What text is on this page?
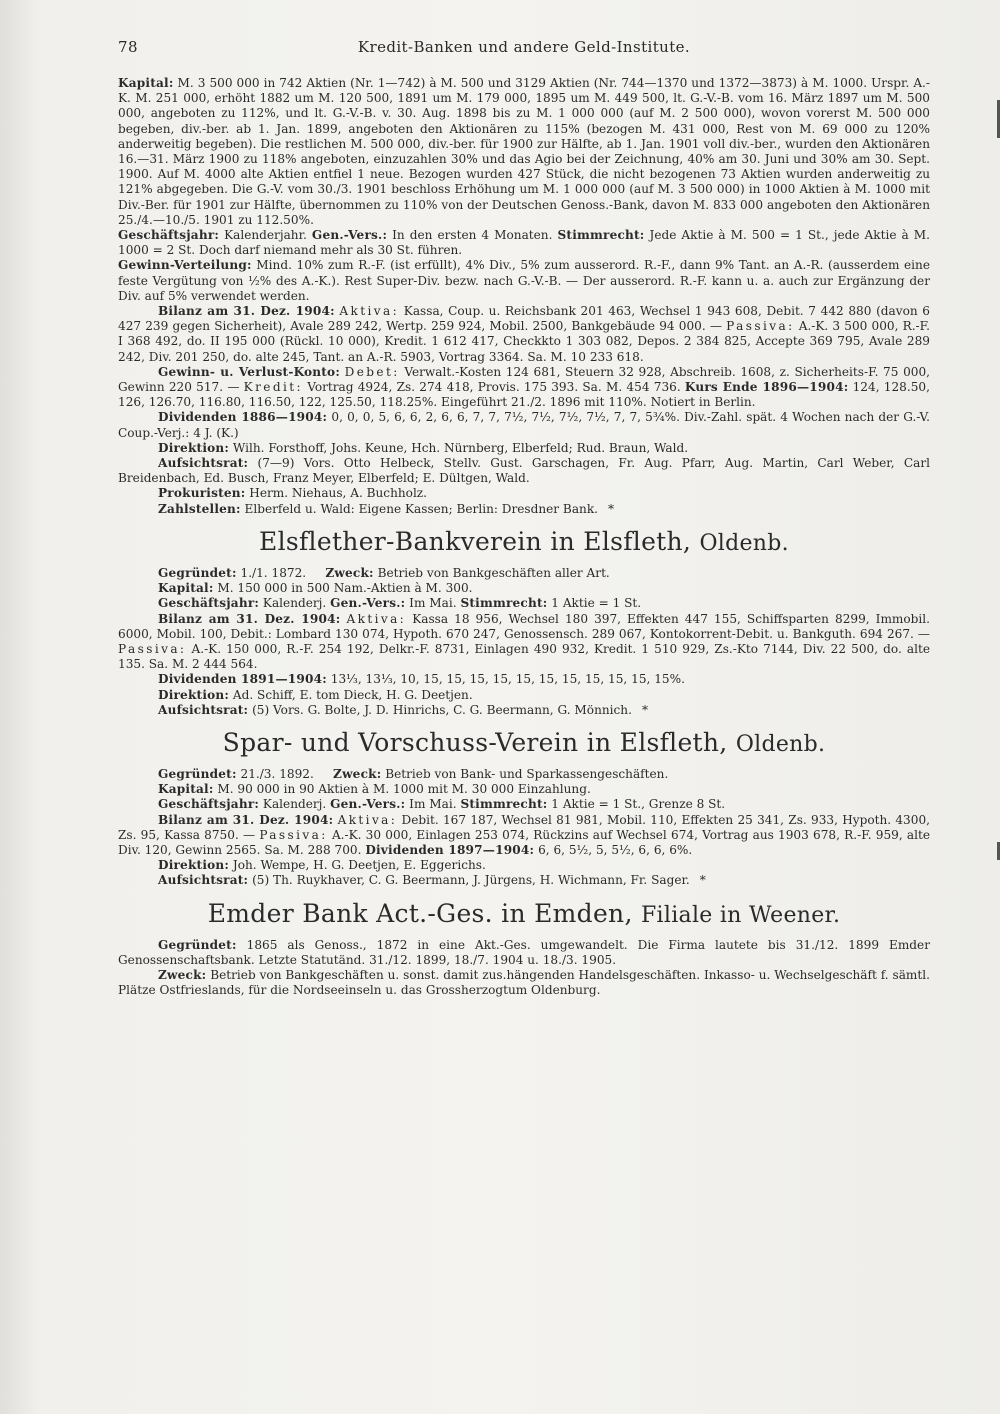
78	Kredit-Banken und andere Geld-Institute.

Kapital: M. 3 500 000 in 742 Aktien (Nr. 1—742) à M. 500 und 3129 Aktien (Nr. 744—1370 und 1372—3873) à M. 1000. Urspr. A.-K. M. 251 000, erhöht 1882 um M. 120 500, 1891 um M. 179 000, 1895 um M. 449 500, lt. G.-V.-B. vom 16. März 1897 um M. 500 000, angeboten zu 112%, und lt. G.-V.-B. v. 30. Aug. 1898 bis zu M. 1 000 000 (auf M. 2 500 000), wovon vorerst M. 500 000 begeben, div.-ber. ab 1. Jan. 1899, angeboten den Aktionären zu 115% (bezogen M. 431 000, Rest von M. 69 000 zu 120% anderweitig begeben). Die restlichen M. 500 000, div.-ber. für 1900 zur Hälfte, ab 1. Jan. 1901 voll div.-ber., wurden den Aktionären 16.—31. März 1900 zu 118% angeboten, einzuzahlen 30% und das Agio bei der Zeichnung, 40% am 30. Juni und 30% am 30. Sept. 1900. Auf M. 4000 alte Aktien entfiel 1 neue. Bezogen wurden 427 Stück, die nicht bezogenen 73 Aktien wurden anderweitig zu 121% abgegeben. Die G.-V. vom 30./3. 1901 beschloss Erhöhung um M. 1 000 000 (auf M. 3 500 000) in 1000 Aktien à M. 1000 mit Div.-Ber. für 1901 zur Hälfte, übernommen zu 110% von der Deutschen Genoss.-Bank, davon M. 833 000 angeboten den Aktionären 25./4.—10./5. 1901 zu 112.50%.

Geschäftsjahr: Kalenderjahr. Gen.-Vers.: In den ersten 4 Monaten. Stimmrecht: Jede Aktie à M. 500 = 1 St., jede Aktie à M. 1000 = 2 St. Doch darf niemand mehr als 30 St. führen.

Gewinn-Verteilung: Mind. 10% zum R.-F. (ist erfüllt), 4% Div., 5% zum ausserord. R.-F., dann 9% Tant. an A.-R. (ausserdem eine feste Vergütung von ½% des A.-K.). Rest Super-Div. bezw. nach G.-V.-B. — Der ausserord. R.-F. kann u. a. auch zur Ergänzung der Div. auf 5% verwendet werden.

Bilanz am 31. Dez. 1904: Aktiva: Kassa, Coup. u. Reichsbank 201 463, Wechsel 1 943 608, Debit. 7 442 880 (davon 6 427 239 gegen Sicherheit), Avale 289 242, Wertp. 259 924, Mobil. 2500, Bankgebäude 94 000. — Passiva: A.-K. 3 500 000, R.-F. I 368 492, do. II 195 000 (Rückl. 10 000), Kredit. 1 612 417, Checkkto 1 303 082, Depos. 2 384 825, Accepte 369 795, Avale 289 242, Div. 201 250, do. alte 245, Tant. an A.-R. 5903, Vortrag 3364. Sa. M. 10 233 618.

Gewinn- u. Verlust-Konto: Debet: Verwalt.-Kosten 124 681, Steuern 32 928, Abschreib. 1608, z. Sicherheits-F. 75 000, Gewinn 220 517. — Kredit: Vortrag 4924, Zs. 274 418, Provis. 175 393. Sa. M. 454 736. Kurs Ende 1896—1904: 124, 128.50, 126, 126.70, 116.80, 116.50, 122, 125.50, 118.25%. Eingeführt 21./2. 1896 mit 110%. Notiert in Berlin.

Dividenden 1886—1904: 0, 0, 0, 5, 6, 6, 2, 6, 6, 7, 7, 7½, 7½, 7½, 7½, 7, 7, 5¾%. Div.-Zahl. spät. 4 Wochen nach der G.-V. Coup.-Verj.: 4 J. (K.)

Direktion: Wilh. Forsthoff, Johs. Keune, Hch. Nürnberg, Elberfeld; Rud. Braun, Wald.

Aufsichtsrat: (7—9) Vors. Otto Helbeck, Stellv. Gust. Garschagen, Fr. Aug. Pfarr, Aug. Martin, Carl Weber, Carl Breidenbach, Ed. Busch, Franz Meyer, Elberfeld; E. Dültgen, Wald.

Prokuristen: Herm. Niehaus, A. Buchholz.

Zahlstellen: Elberfeld u. Wald: Eigene Kassen; Berlin: Dresdner Bank. *

Elsflether-Bankverein in Elsfleth, Oldenb.

Gegründet: 1./1. 1872. Zweck: Betrieb von Bankgeschäften aller Art.

Kapital: M. 150 000 in 500 Nam.-Aktien à M. 300.

Geschäftsjahr: Kalenderj. Gen.-Vers.: Im Mai. Stimmrecht: 1 Aktie = 1 St.

Bilanz am 31. Dez. 1904: Aktiva: Kassa 18 956, Wechsel 180 397, Effekten 447 155, Schiffsparten 8299, Immobil. 6000, Mobil. 100, Debit.: Lombard 130 074, Hypoth. 670 247, Genossensch. 289 067, Kontokorrent-Debit. u. Bankguth. 694 267. — Passiva: A.-K. 150 000, R.-F. 254 192, Delkr.-F. 8731, Einlagen 490 932, Kredit. 1 510 929, Zs.-Kto 7144, Div. 22 500, do. alte 135. Sa. M. 2 444 564.

Dividenden 1891—1904: 13⅓, 13⅓, 10, 15, 15, 15, 15, 15, 15, 15, 15, 15, 15, 15%.

Direktion: Ad. Schiff, E. tom Dieck, H. G. Deetjen.

Aufsichtsrat: (5) Vors. G. Bolte, J. D. Hinrichs, C. G. Beermann, G. Mönnich. *

Spar- und Vorschuss-Verein in Elsfleth, Oldenb.

Gegründet: 21./3. 1892. Zweck: Betrieb von Bank- und Sparkassengeschäften.

Kapital: M. 90 000 in 90 Aktien à M. 1000 mit M. 30 000 Einzahlung.

Geschäftsjahr: Kalenderj. Gen.-Vers.: Im Mai. Stimmrecht: 1 Aktie = 1 St., Grenze 8 St.

Bilanz am 31. Dez. 1904: Aktiva: Debit. 167 187, Wechsel 81 981, Mobil. 110, Effekten 25 341, Zs. 933, Hypoth. 4300, Zs. 95, Kassa 8750. — Passiva: A.-K. 30 000, Einlagen 253 074, Rückzins auf Wechsel 674, Vortrag aus 1903 678, R.-F. 959, alte Div. 120, Gewinn 2565. Sa. M. 288 700. Dividenden 1897—1904: 6, 6, 5½, 5, 5½, 6, 6, 6%.

Direktion: Joh. Wempe, H. G. Deetjen, E. Eggerichs.

Aufsichtsrat: (5) Th. Ruykhaver, C. G. Beermann, J. Jürgens, H. Wichmann, Fr. Sager. *

Emder Bank Act.-Ges. in Emden, Filiale in Weener.

Gegründet: 1865 als Genoss., 1872 in eine Akt.-Ges. umgewandelt. Die Firma lautete bis 31./12. 1899 Emder Genossenschaftsbank. Letzte Statutänd. 31./12. 1899, 18./7. 1904 u. 18./3. 1905.

Zweck: Betrieb von Bankgeschäften u. sonst. damit zus.hängenden Handelsgeschäften. Inkasso- u. Wechselgeschäft f. sämtl. Plätze Ostfrieslands, für die Nordseeinseln u. das Grossherzogtum Oldenburg.
